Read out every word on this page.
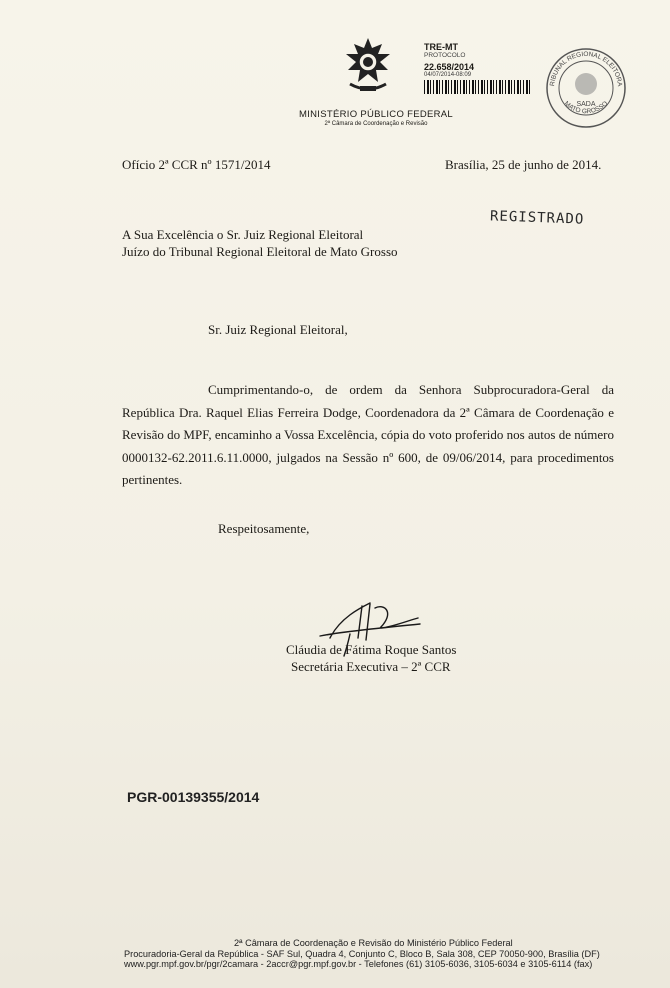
MINISTÉRIO PÚBLICO FEDERAL
2ª Câmara de Coordenação e Revisão
TRE-MT
PROTOCOLO
22.658/2014
04/07/2014-08:09
RIBUNAL REGIONAL ELEITORA
MATO GROSSO
SADA
Ofício 2ª CCR nº 1571/2014	Brasília, 25 de junho de 2014.
A Sua Excelência o Sr. Juiz Regional Eleitoral
Juízo do Tribunal Regional Eleitoral de Mato Grosso
REGISTRADO
Sr. Juiz Regional Eleitoral,
Cumprimentando-o, de ordem da Senhora Subprocuradora-Geral da República Dra. Raquel Elias Ferreira Dodge, Coordenadora da 2ª Câmara de Coordenação e Revisão do MPF, encaminho a Vossa Excelência, cópia do voto proferido nos autos de número 0000132-62.2011.6.11.0000, julgados na Sessão nº 600, de 09/06/2014, para procedimentos pertinentes.
Respeitosamente,
Cláudia de Fátima Roque Santos
Secretária Executiva – 2ª CCR
PGR-00139355/2014
2ª Câmara de Coordenação e Revisão do Ministério Público Federal
Procuradoria-Geral da República - SAF Sul, Quadra 4, Conjunto C, Bloco B, Sala 308, CEP 70050-900, Brasília (DF)
www.pgr.mpf.gov.br/pgr/2camara - 2accr@pgr.mpf.gov.br - Telefones (61) 3105-6036, 3105-6034 e 3105-6114 (fax)
